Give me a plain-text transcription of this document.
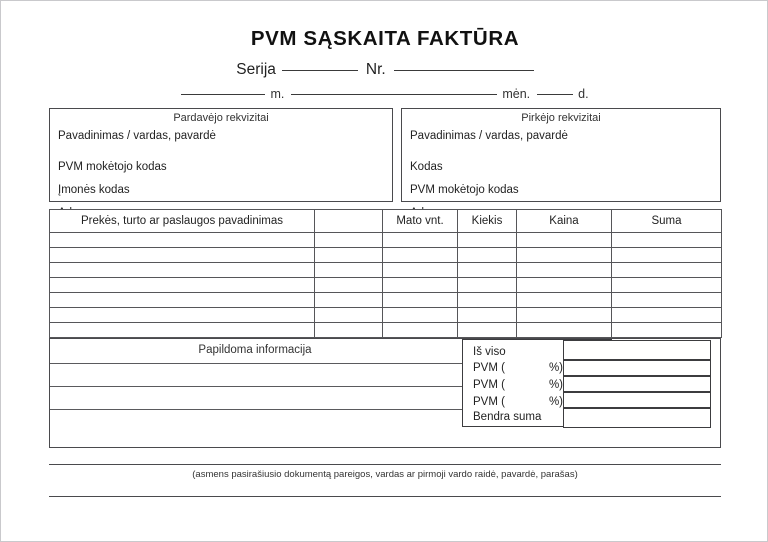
PVM SĄSKAITA FAKTŪRA
Serija	Nr.
m.	mėn.	d.
Pardavėjo rekvizitai
Pavadinimas / vardas, pavardė
PVM mokėtojo kodas
Įmonės kodas
Pirkėjo rekvizitai
Pavadinimas / vardas, pavardė
Kodas
PVM mokėtojo kodas
Prekės, turto ar paslaugos pavadinimas		Mato vnt.	Kiekis	Kaina	Suma

Papildoma informacija	Iš viso
PVM (	%)
PVM (	%)
PVM (	%)
Bendra suma
(asmens pasirašiusio dokumentą pareigos, vardas ar pirmoji vardo raidė, pavardė, parašas)
